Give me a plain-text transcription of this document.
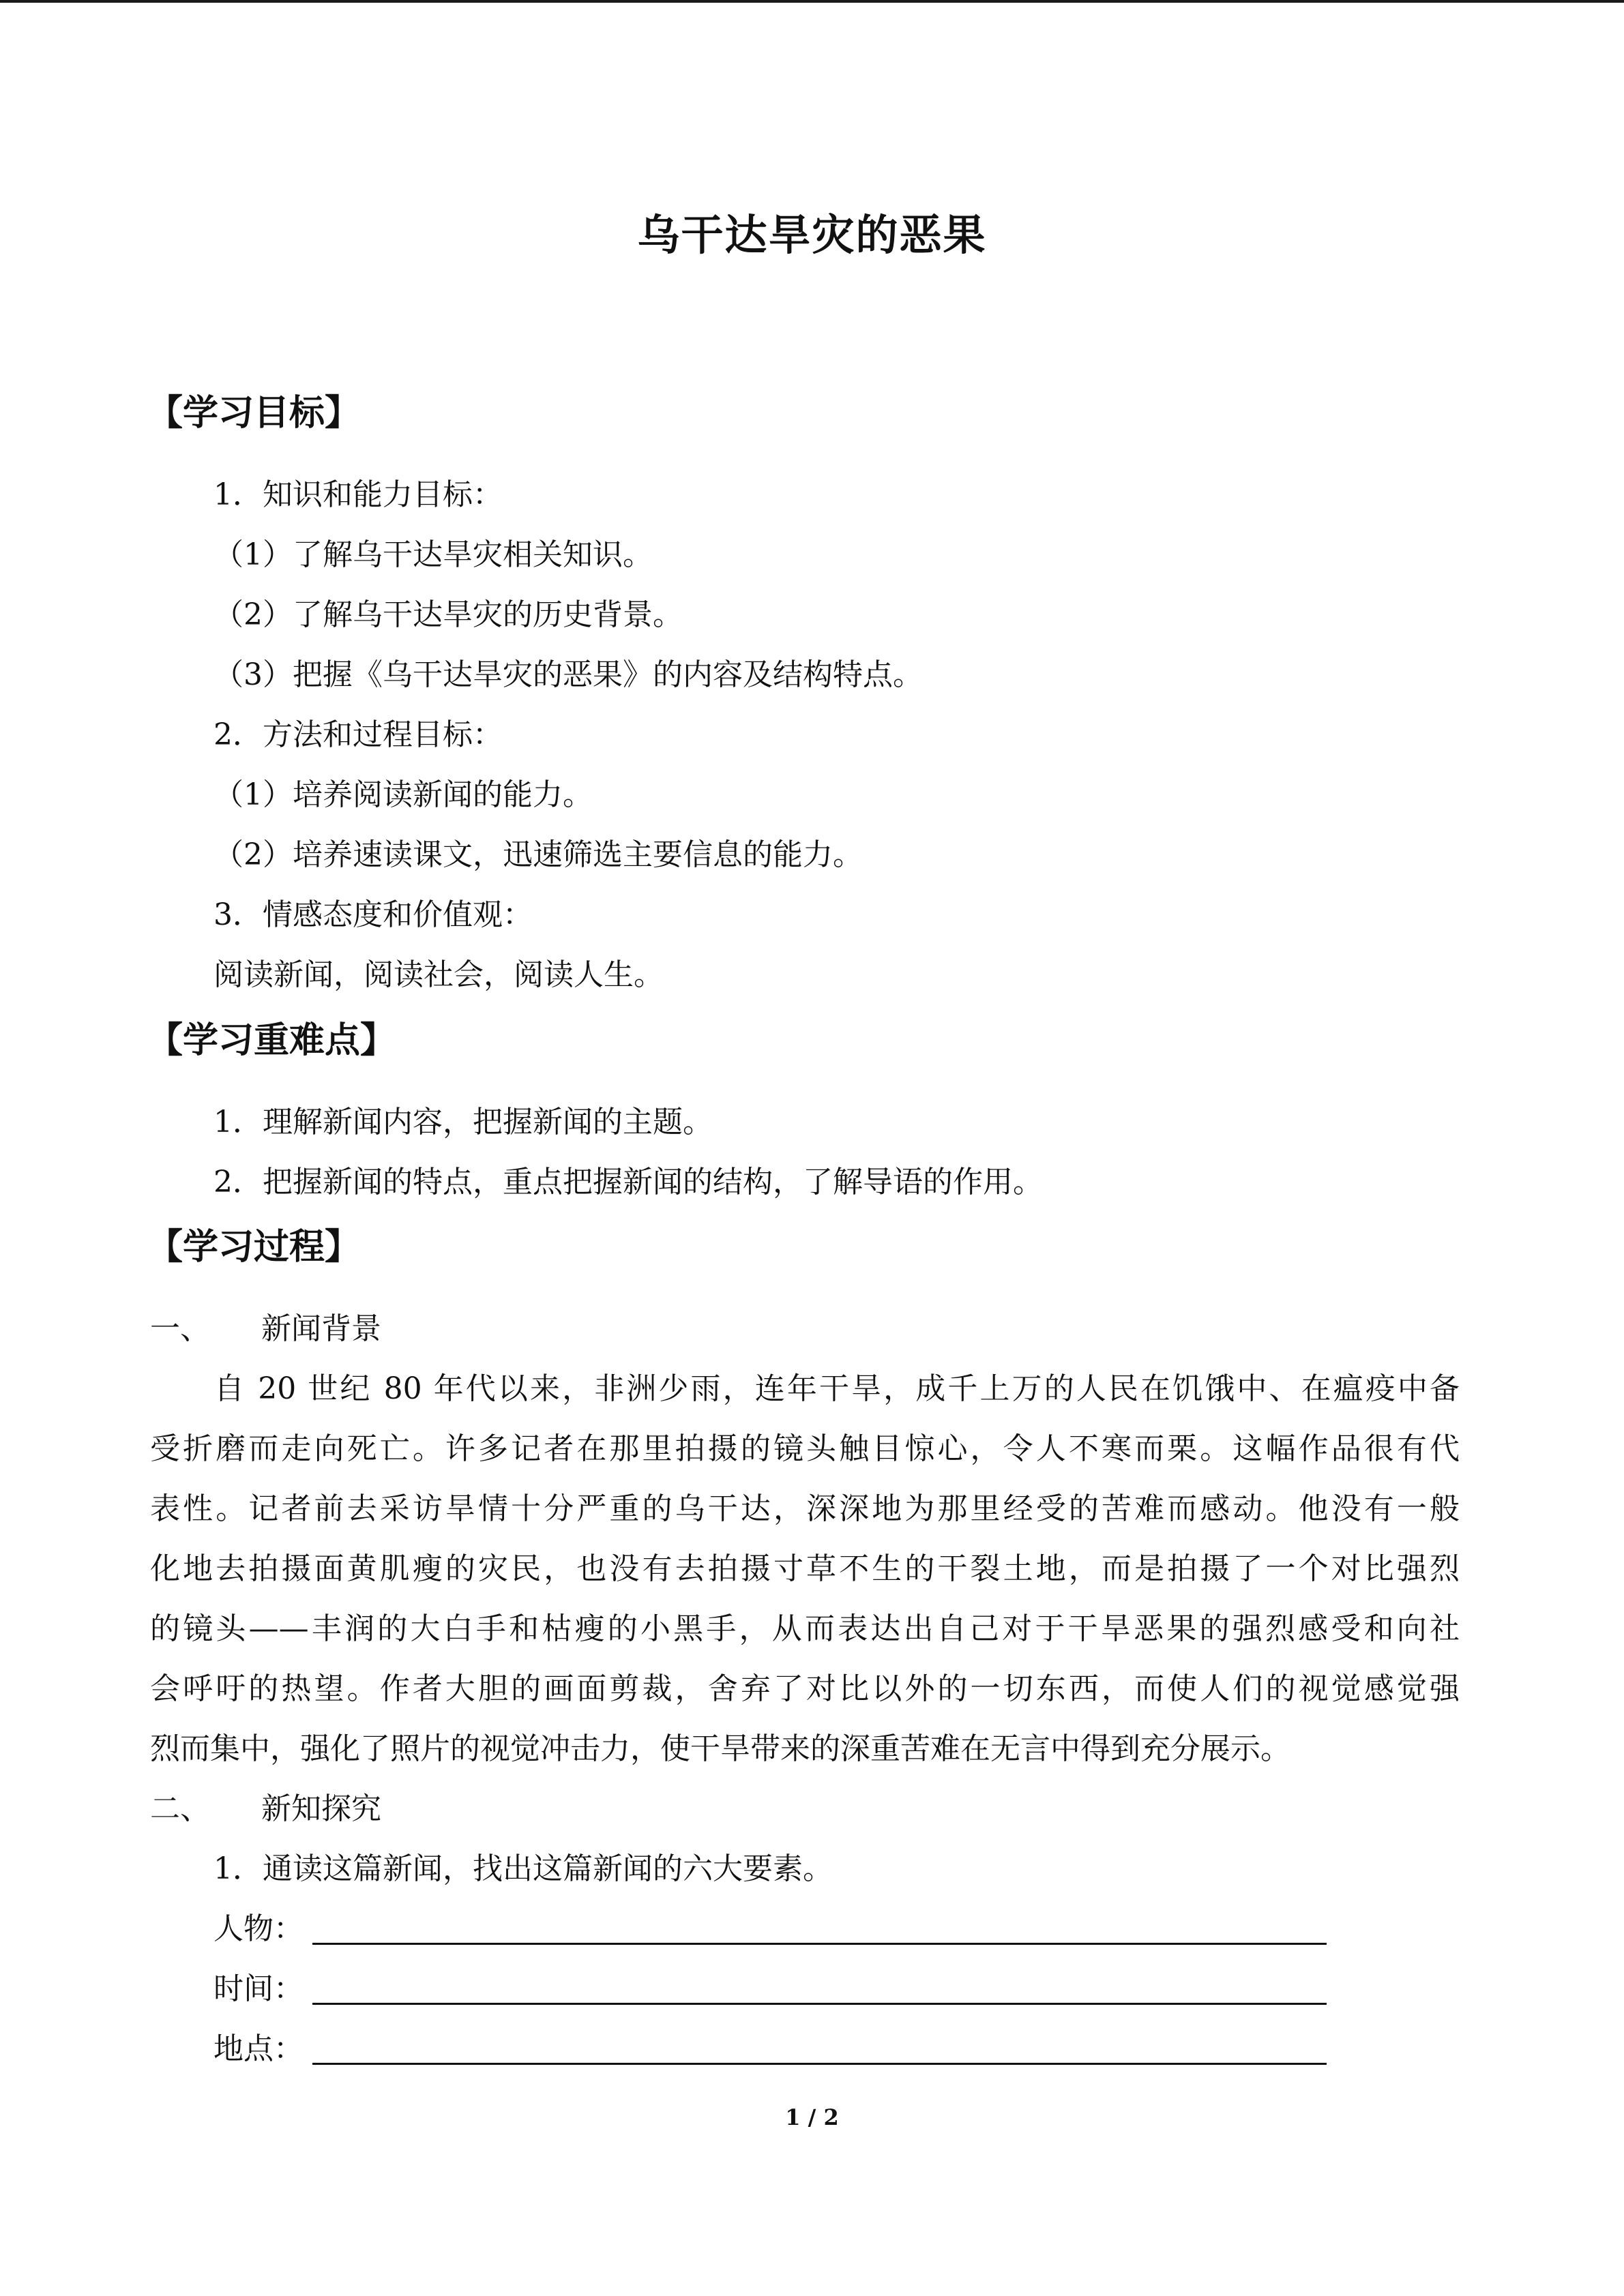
乌干达旱灾的恶果
【学习目标】
1．知识和能力目标：
（1）了解乌干达旱灾相关知识。
（2）了解乌干达旱灾的历史背景。
（3）把握《乌干达旱灾的恶果》的内容及结构特点。
2．方法和过程目标：
（1）培养阅读新闻的能力。
（2）培养速读课文，迅速筛选主要信息的能力。
3．情感态度和价值观：
阅读新闻，阅读社会，阅读人生。
【学习重难点】
1．理解新闻内容，把握新闻的主题。
2．把握新闻的特点，重点把握新闻的结构，了解导语的作用。
【学习过程】
一、 新闻背景
自 20 世纪 80 年代以来，非洲少雨，连年干旱，成千上万的人民在饥饿中、在瘟疫中备
受折磨而走向死亡。许多记者在那里拍摄的镜头触目惊心，令人不寒而栗。这幅作品很有代
表性。记者前去采访旱情十分严重的乌干达，深深地为那里经受的苦难而感动。他没有一般
化地去拍摄面黄肌瘦的灾民，也没有去拍摄寸草不生的干裂土地，而是拍摄了一个对比强烈
的镜头——丰润的大白手和枯瘦的小黑手，从而表达出自己对于干旱恶果的强烈感受和向社
会呼吁的热望。作者大胆的画面剪裁，舍弃了对比以外的一切东西，而使人们的视觉感觉强
烈而集中，强化了照片的视觉冲击力，使干旱带来的深重苦难在无言中得到充分展示。
二、 新知探究
1．通读这篇新闻，找出这篇新闻的六大要素。
人物：
时间：
地点：
1 / 2
